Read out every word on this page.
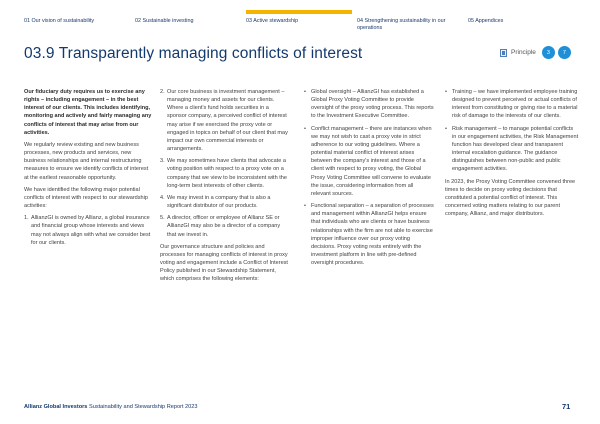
01 Our vision of sustainability	02 Sustainable investing	03 Active stewardship	04 Strengthening sustainability in our operations
05 Appendices
03.9 Transparently managing conflicts of interest	Principle	3	7

Our fiduciary duty requires us to exercise any rights – including engagement – in the best interest of our clients. This includes identifying, monitoring and actively and fairly managing any conflicts of interest that may arise from our activities.

We regularly review existing and new business processes, new products and services, new business relationships and internal restructuring measures to ensure we identify conflicts of interest at the earliest reasonable opportunity.

We have identified the following major potential conflicts of interest with respect to our stewardship activities:

1. AllianzGI is owned by Allianz, a global insurance and financial group whose interests and views may not always align with what we consider best for our clients.
2. Our core business is investment management – managing money and assets for our clients. Where a client's fund holds securities in a sponsor company, a perceived conflict of interest may arise if we exercised the proxy vote or engaged in topics on behalf of our client that may impact our own commercial interests or arrangements.
3. We may sometimes have clients that advocate a voting position with respect to a proxy vote on a company that we view to be inconsistent with the long-term best interests of other clients.
4. We may invest in a company that is also a significant distributor of our products.
5. A director, officer or employee of Allianz SE or AllianzGI may also be a director of a company that we invest in.

Our governance structure and policies and processes for managing conflicts of interest in proxy voting and engagement include a Conflict of Interest Policy published in our Stewardship Statement, which comprises the following elements:

• Global oversight – AllianzGI has established a Global Proxy Voting Committee to provide oversight of the proxy voting process. This reports to the Investment Executive Committee.
• Conflict management – there are instances when we may not wish to cast a proxy vote in strict adherence to our voting guidelines. Where a potential material conflict of interest arises between the company's interest and those of a client with respect to proxy voting, the Global Proxy Voting Committee will convene to evaluate the issue, considering information from all relevant sources.
• Functional separation – a separation of processes and management within AllianzGI helps ensure that individuals who are clients or have business relationships with the firm are not able to exercise improper influence over our proxy voting decisions. Proxy voting rests entirely with the investment platform in line with pre-defined oversight procedures.
• Training – we have implemented employee training designed to prevent perceived or actual conflicts of interest from constituting or giving rise to a material risk of damage to the interests of our clients.
• Risk management – to manage potential conflicts in our engagement activities, the Risk Management function has developed clear and transparent internal escalation guidance. The guidance distinguishes between non-public and public engagement activities.

In 2023, the Proxy Voting Committee convened three times to decide on proxy voting decisions that constituted a potential conflict of interest. This concerned voting matters relating to our parent company, Allianz, and major distributors.

Allianz Global Investors Sustainability and Stewardship Report 2023	71
